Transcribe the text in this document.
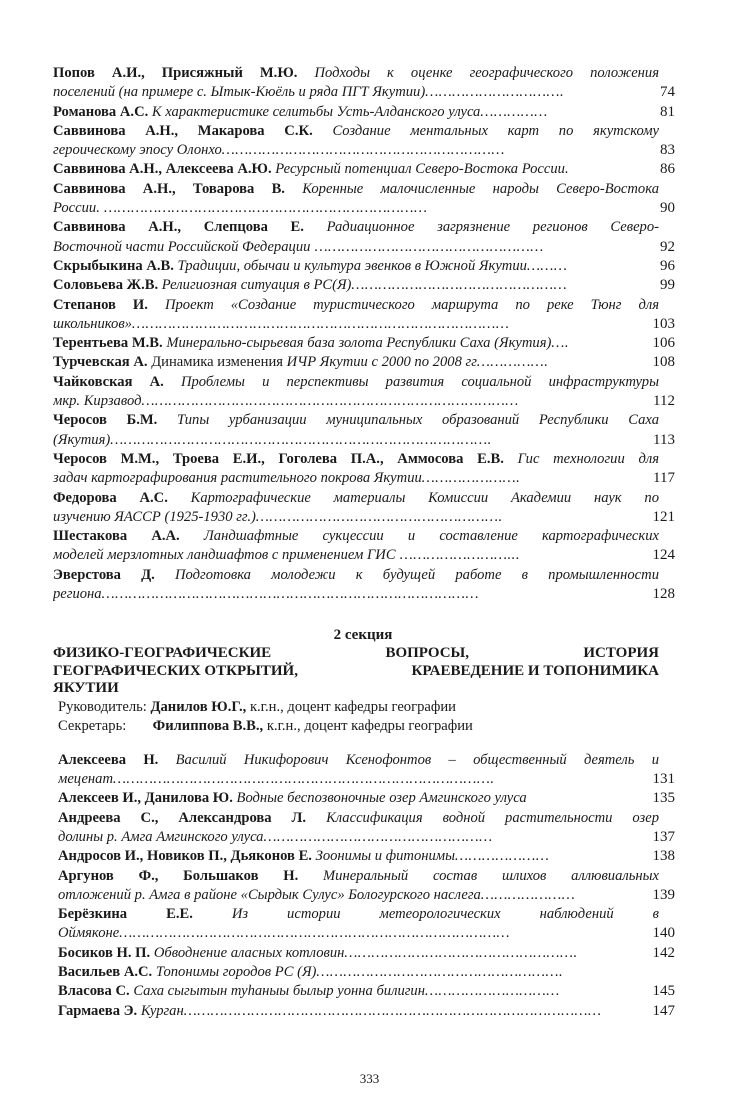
Попов А.И., Присяжный М.Ю. Подходы к оценке географического положения
поселений (на примере с. Ытык-Кюёль и ряда ПГТ Якутии)………………………….	74
Романова А.С. К характеристике селитьбы Усть-Алданского улуса……………	81
Саввинова А.Н., Макарова С.К. Создание ментальных карт по якутскому
героическому эпосу Олонхо………………………………………………………	83
Саввинова А.Н., Алексеева А.Ю. Ресурсный потенциал Северо-Востока России.	86
Саввинова А.Н., Товарова В. Коренные малочисленные народы Северо-Востока
России. ………………………………………………………………	90
Саввинова А.Н., Слепцова Е. Радиационное загрязнение регионов Северо-
Восточной части Российской Федерации ……………………………………………	92
Скрыбыкина А.В. Традиции, обычаи и культура эвенков в Южной Якутии………	96
Соловьева Ж.В. Религиозная ситуация в РС(Я)…………………………………………	99
Степанов И. Проект «Создание туристического маршрута по реке Тюнг для
школьников»…………………………………………………………………………	103
Терентьева М.В. Минерально-сырьевая база золота Республики Саха (Якутия)….	106
Турчевская А. Динамика изменения ИЧР Якутии с 2000 по 2008 гг…………….	108
Чайковская А. Проблемы и перспективы развития социальной инфраструктуры
мкр. Кирзавод…………………………………………………………………………	112
Черосов Б.М. Типы урбанизации муниципальных образований Республики Саха
(Якутия)………………………………………………………………………….	113
Черосов М.М., Троева Е.И., Гоголева П.А., Аммосова Е.В. Гис технологии для
задач картографирования растительного покрова Якутии………………….	117
Федорова А.С. Картографические материалы Комиссии Академии наук по
изучению ЯАССР (1925-1930 гг.)……………………………………………….	121
Шестакова А.А. Ландшафтные сукцессии и составление картографических
моделей мерзлотных ландшафтов с применением ГИС ……………………...	124
Эверстова Д. Подготовка молодежи к будущей работе в промышленности
региона…………………………………………………………………………	128
2 секция
ФИЗИКО-ГЕОГРАФИЧЕСКИЕ	ВОПРОСЫ,	ИСТОРИЯ
ГЕОГРАФИЧЕСКИХ ОТКРЫТИЙ,	КРАЕВЕДЕНИЕ И ТОПОНИМИКА
ЯКУТИИ
Руководитель: Данилов Ю.Г., к.г.н., доцент кафедры географии
Секретарь: Филиппова В.В., к.г.н., доцент кафедры географии
Алексеева Н. Василий Никифорович Ксенофонтов – общественный деятель и
меценат………………………………………………………………………….	131
Алексеев И., Данилова Ю. Водные беспозвоночные озер Амгинского улуса	135
Андреева С., Александрова Л. Классификация водной растительности озер
долины р. Амга Амгинского улуса……………………………………………	137
Андросов И., Новиков П., Дьяконов Е. Зоонимы и фитонимы…………………	138
Аргунов Ф., Большаков Н. Минеральный состав шлихов аллювиальных
отложений р. Амга в районе «Сырдык Сулус» Бологурского наслега…………………	139
Берёзкина Е.Е.	Из истории метеорологических наблюдений в
Оймяконе……………………………………………………………………………	140
Босиков Н. П. Обводнение аласных котловин…………………………………………….	142
Васильев А.С. Топонимы городов РС (Я)……………………………………………….
Власова С. Саха сыгытын туһаныы былыр уонна билигин…………………………	145
Гармаева Э. Курган…………………………………………………………………………………	147
333
